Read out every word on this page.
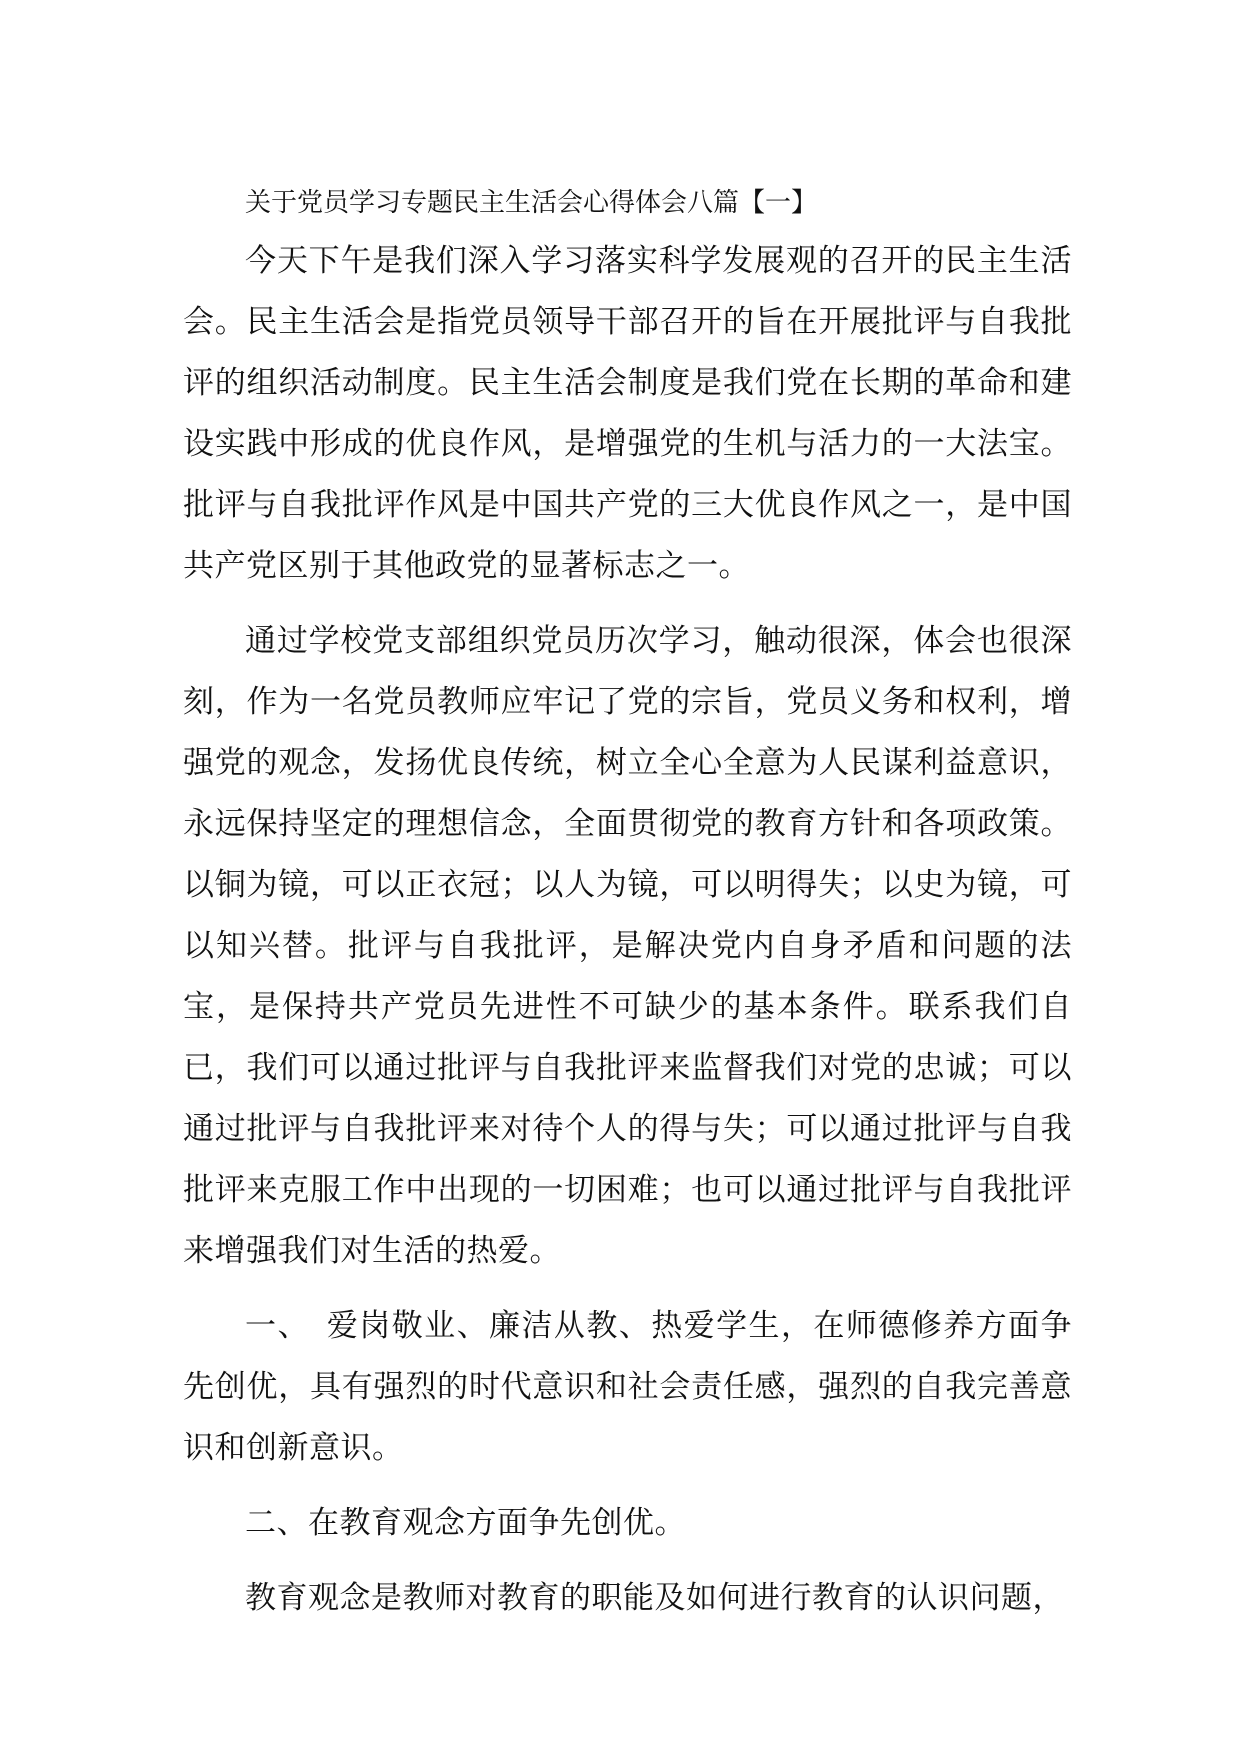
关于党员学习专题民主生活会心得体会八篇【一】

今天下午是我们深入学习落实科学发展观的召开的民主生活会。民主生活会是指党员领导干部召开的旨在开展批评与自我批评的组织活动制度。民主生活会制度是我们党在长期的革命和建设实践中形成的优良作风，是增强党的生机与活力的一大法宝。批评与自我批评作风是中国共产党的三大优良作风之一，是中国共产党区别于其他政党的显著标志之一。

通过学校党支部组织党员历次学习，触动很深，体会也很深刻，作为一名党员教师应牢记了党的宗旨，党员义务和权利，增强党的观念，发扬优良传统，树立全心全意为人民谋利益意识，永远保持坚定的理想信念，全面贯彻党的教育方针和各项政策。以铜为镜，可以正衣冠；以人为镜，可以明得失；以史为镜，可以知兴替。批评与自我批评，是解决党内自身矛盾和问题的法宝，是保持共产党员先进性不可缺少的基本条件。联系我们自已，我们可以通过批评与自我批评来监督我们对党的忠诚；可以通过批评与自我批评来对待个人的得与失；可以通过批评与自我批评来克服工作中出现的一切困难；也可以通过批评与自我批评来增强我们对生活的热爱。

一、　爱岗敬业、廉洁从教、热爱学生，在师德修养方面争先创优，具有强烈的时代意识和社会责任感，强烈的自我完善意识和创新意识。

二、在教育观念方面争先创优。

教育观念是教师对教育的职能及如何进行教育的认识问题，
